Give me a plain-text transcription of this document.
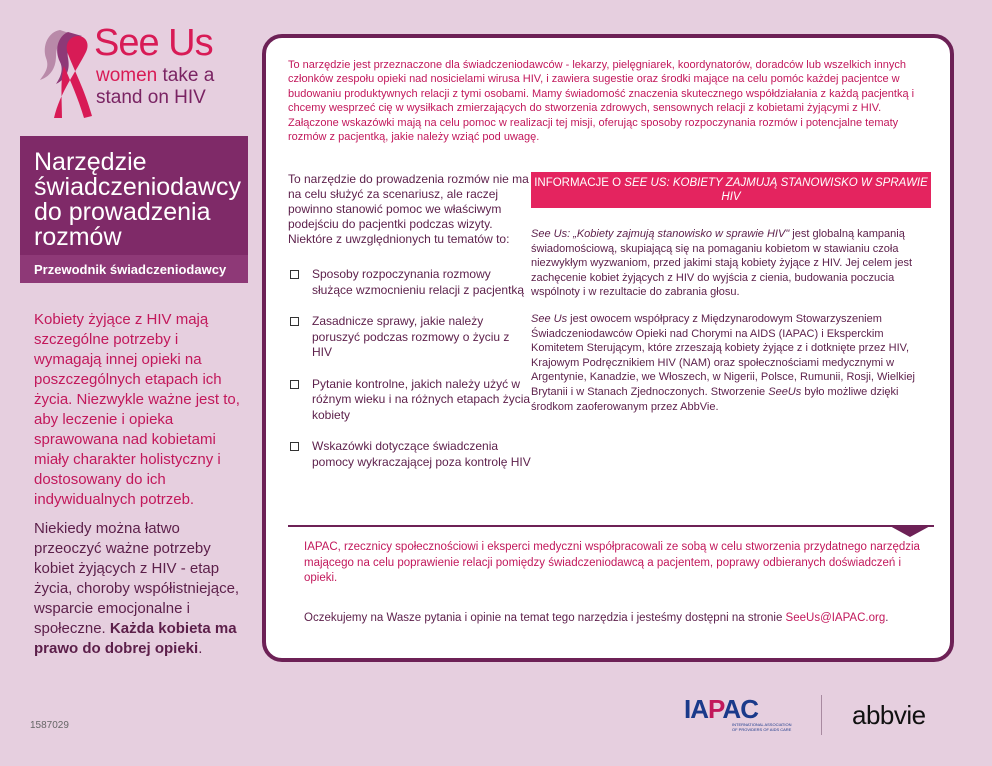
See Us
women take a
stand on HIV
Narzędzie świadczeniodawcy do prowadzenia rozmów
Przewodnik świadczeniodawcy

Kobiety żyjące z HIV mają szczególne potrzeby i wymagają innej opieki na poszczególnych etapach ich życia. Niezwykle ważne jest to, aby leczenie i opieka sprawowana nad kobietami miały charakter holistyczny i dostosowany do ich indywidualnych potrzeb.

Niekiedy można łatwo przeoczyć ważne potrzeby kobiet żyjących z HIV - etap życia, choroby współistniejące, wsparcie emocjonalne i społeczne. Każda kobieta ma prawo do dobrej opieki.

1587029

To narzędzie jest przeznaczone dla świadczeniodawców - lekarzy, pielęgniarek, koordynatorów, doradców lub wszelkich innych członków zespołu opieki nad nosicielami wirusa HIV, i zawiera sugestie oraz środki mające na celu pomóc każdej pacjentce w budowaniu produktywnych relacji z tymi osobami. Mamy świadomość znaczenia skutecznego współdziałania z każdą pacjentką i chcemy wesprzeć cię w wysiłkach zmierzających do stworzenia zdrowych, sensownych relacji z kobietami żyjącymi z HIV. Załączone wskazówki mają na celu pomoc w realizacji tej misji, oferując sposoby rozpoczynania rozmów i potencjalne tematy rozmów z pacjentką, jakie należy wziąć pod uwagę.

To narzędzie do prowadzenia rozmów nie ma na celu służyć za scenariusz, ale raczej powinno stanowić pomoc we właściwym podejściu do pacjentki podczas wizyty. Niektóre z uwzględnionych tu tematów to:

Sposoby rozpoczynania rozmowy służące wzmocnieniu relacji z pacjentką
Zasadnicze sprawy, jakie należy poruszyć podczas rozmowy o życiu z HIV
Pytanie kontrolne, jakich należy użyć w różnym wieku i na różnych etapach życia kobiety
Wskazówki dotyczące świadczenia pomocy wykraczającej poza kontrolę HIV
INFORMACJE O SEE US: KOBIETY ZAJMUJĄ STANOWISKO W SPRAWIE HIV

See Us: „Kobiety zajmują stanowisko w sprawie HIV" jest globalną kampanią świadomościową, skupiającą się na pomaganiu kobietom w stawianiu czoła niezwykłym wyzwaniom, przed jakimi stają kobiety żyjące z HIV. Jej celem jest zachęcenie kobiet żyjących z HIV do wyjścia z cienia, budowania poczucia wspólnoty i w rezultacie do zabrania głosu.

See Us jest owocem współpracy z Międzynarodowym Stowarzyszeniem Świadczeniodawców Opieki nad Chorymi na AIDS (IAPAC) i Eksperckim Komitetem Sterującym, które zrzeszają kobiety żyjące z i dotknięte przez HIV, Krajowym Podręcznikiem HIV (NAM) oraz społecznościami medycznymi w Argentynie, Kanadzie, we Włoszech, w Nigerii, Polsce, Rumunii, Rosji, Wielkiej Brytanii i w Stanach Zjednoczonych. Stworzenie SeeUs było możliwe dzięki środkom zaoferowanym przez AbbVie.

IAPAC, rzecznicy społecznościowi i eksperci medyczni współpracowali ze sobą w celu stworzenia przydatnego narzędzia mającego na celu poprawienie relacji pomiędzy świadczeniodawcą a pacjentem, poprawy odbieranych doświadczeń i opieki.

Oczekujemy na Wasze pytania i opinie na temat tego narzędzia i jesteśmy dostępni na stronie SeeUs@IAPAC.org.

IAPAC
INTERNATIONAL ASSOCIATION OF PROVIDERS OF AIDS CARE abbvie
